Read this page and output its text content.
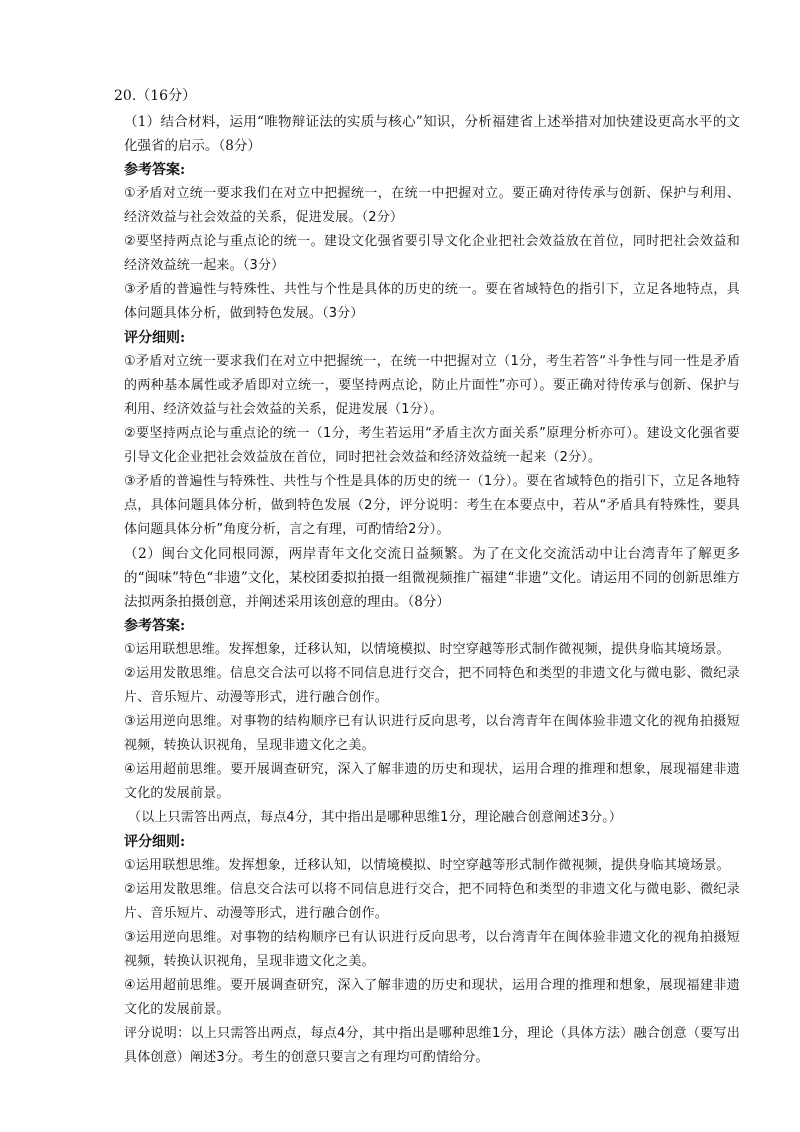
20.（16分）

（1）结合材料，运用“唯物辩证法的实质与核心”知识，分析福建省上述举措对加快建设更高水平的文化强省的启示。（8分）

参考答案:

①矛盾对立统一要求我们在对立中把握统一，在统一中把握对立。要正确对待传承与创新、保护与利用、经济效益与社会效益的关系，促进发展。（2分）

②要坚持两点论与重点论的统一。建设文化强省要引导文化企业把社会效益放在首位，同时把社会效益和经济效益统一起来。（3分）

③矛盾的普遍性与特殊性、共性与个性是具体的历史的统一。要在省域特色的指引下，立足各地特点，具体问题具体分析，做到特色发展。（3分）

评分细则:

①矛盾对立统一要求我们在对立中把握统一，在统一中把握对立（1分，考生若答“斗争性与同一性是矛盾的两种基本属性或矛盾即对立统一，要坚持两点论，防止片面性”亦可）。要正确对待传承与创新、保护与利用、经济效益与社会效益的关系，促进发展（1分）。

②要坚持两点论与重点论的统一（1分，考生若运用“矛盾主次方面关系”原理分析亦可）。建设文化强省要引导文化企业把社会效益放在首位，同时把社会效益和经济效益统一起来（2分）。

③矛盾的普遍性与特殊性、共性与个性是具体的历史的统一（1分）。要在省域特色的指引下，立足各地特点，具体问题具体分析，做到特色发展（2分，评分说明：考生在本要点中，若从“矛盾具有特殊性，要具体问题具体分析”角度分析，言之有理，可酌情给2分）。

（2）闽台文化同根同源，两岸青年文化交流日益频繁。为了在文化交流活动中让台湾青年了解更多的“闽味”特色“非遗”文化，某校团委拟拍摄一组微视频推广福建“非遗”文化。请运用不同的创新思维方法拟两条拍摄创意，并阐述采用该创意的理由。（8分）

参考答案:

①运用联想思维。发挥想象，迁移认知，以情境模拟、时空穿越等形式制作微视频，提供身临其境场景。

②运用发散思维。信息交合法可以将不同信息进行交合，把不同特色和类型的非遗文化与微电影、微纪录片、音乐短片、动漫等形式，进行融合创作。

③运用逆向思维。对事物的结构顺序已有认识进行反向思考，以台湾青年在闽体验非遗文化的视角拍摄短视频，转换认识视角，呈现非遗文化之美。

④运用超前思维。要开展调查研究，深入了解非遗的历史和现状，运用合理的推理和想象，展现福建非遗文化的发展前景。

（以上只需答出两点，每点4分，其中指出是哪种思维1分，理论融合创意阐述3分。）

评分细则:

①运用联想思维。发挥想象，迁移认知，以情境模拟、时空穿越等形式制作微视频，提供身临其境场景。

②运用发散思维。信息交合法可以将不同信息进行交合，把不同特色和类型的非遗文化与微电影、微纪录片、音乐短片、动漫等形式，进行融合创作。

③运用逆向思维。对事物的结构顺序已有认识进行反向思考，以台湾青年在闽体验非遗文化的视角拍摄短视频，转换认识视角，呈现非遗文化之美。

④运用超前思维。要开展调查研究，深入了解非遗的历史和现状，运用合理的推理和想象，展现福建非遗文化的发展前景。

评分说明：以上只需答出两点，每点4分，其中指出是哪种思维1分，理论（具体方法）融合创意（要写出具体创意）阐述3分。考生的创意只要言之有理均可酌情给分。
